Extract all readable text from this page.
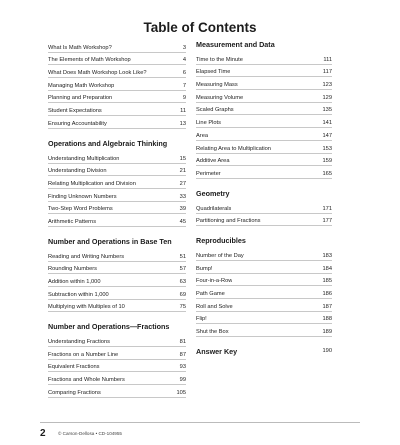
Table of Contents
What Is Math Workshop?	3
The Elements of Math Workshop	4
What Does Math Workshop Look Like?	6
Managing Math Workshop	7
Planning and Preparation	9
Student Expectations	11
Ensuring Accountability	13
Operations and Algebraic Thinking
Understanding Multiplication	15
Understanding Division	21
Relating Multiplication and Division	27
Finding Unknown Numbers	33
Two-Step Word Problems	39
Arithmetic Patterns	45
Number and Operations in Base Ten
Reading and Writing Numbers	51
Rounding Numbers	57
Addition within 1,000	63
Subtraction within 1,000	69
Multiplying with Multiples of 10	75
Number and Operations—Fractions
Understanding Fractions	81
Fractions on a Number Line	87
Equivalent Fractions	93
Fractions and Whole Numbers	99
Comparing Fractions	105
Measurement and Data
Time to the Minute	111
Elapsed Time	117
Measuring Mass	123
Measuring Volume	129
Scaled Graphs	135
Line Plots	141
Area	147
Relating Area to Multiplication	153
Additive Area	159
Perimeter	165
Geometry
Quadrilaterals	171
Partitioning and Fractions	177
Reproducibles
Number of the Day	183
Bump!	184
Four-in-a-Row	185
Path Game	186
Roll and Solve	187
Flip!	188
Shut the Box	189
Answer Key	190
2	© Carson-Dellosa • CD-104955
